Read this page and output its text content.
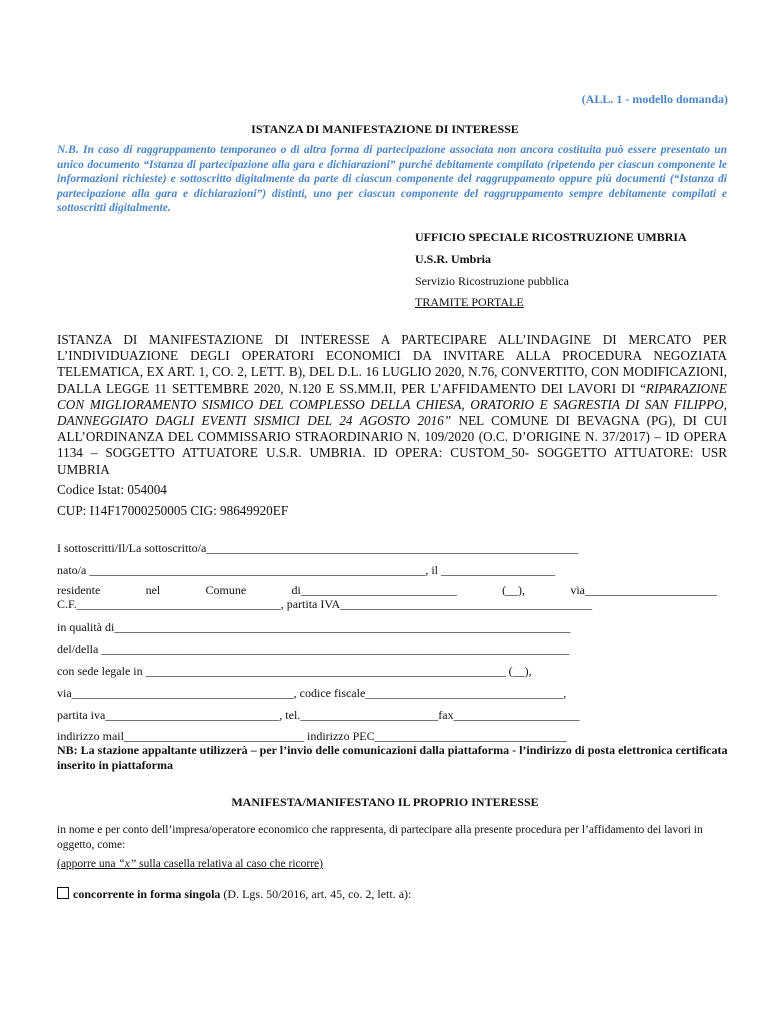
(ALL. 1 - modello domanda)
ISTANZA DI MANIFESTAZIONE DI INTERESSE
N.B. In caso di raggruppamento temporaneo o di altra forma di partecipazione associata non ancora costituita può essere presentato un unico documento “Istanza di partecipazione alla gara e dichiarazioni” purché debitamente compilato (ripetendo per ciascun componente le informazioni richieste) e sottoscritto digitalmente da parte di ciascun componente del raggruppamento oppure più documenti (“Istanza di partecipazione alla gara e dichiarazioni”) distinti, uno per ciascun componente del raggruppamento sempre debitamente compilati e sottoscritti digitalmente.
UFFICIO SPECIALE RICOSTRUZIONE UMBRIA
U.S.R. Umbria
Servizio Ricostruzione pubblica
TRAMITE PORTALE
ISTANZA DI MANIFESTAZIONE DI INTERESSE A PARTECIPARE ALL’INDAGINE DI MERCATO PER L’INDIVIDUAZIONE DEGLI OPERATORI ECONOMICI DA INVITARE ALLA PROCEDURA NEGOZIATA TELEMATICA, EX ART. 1, CO. 2, LETT. B), DEL D.L. 16 LUGLIO 2020, N.76, CONVERTITO, CON MODIFICAZIONI, DALLA LEGGE 11 SETTEMBRE 2020, N.120 E SS.MM.II, PER L’AFFIDAMENTO DEI LAVORI DI “RIPARAZIONE CON MIGLIORAMENTO SISMICO DEL COMPLESSO DELLA CHIESA, ORATORIO E SAGRESTIA DI SAN FILIPPO, DANNEGGIATO DAGLI EVENTI SISMICI DEL 24 AGOSTO 2016” NEL COMUNE DI BEVAGNA (PG), DI CUI ALL’ORDINANZA DEL COMMISSARIO STRAORDINARIO N. 109/2020 (O.C. D’ORIGINE N. 37/2017) – ID OPERA 1134 – SOGGETTO ATTUATORE U.S.R. UMBRIA. ID OPERA: CUSTOM_50- SOGGETTO ATTUATORE: USR UMBRIA
Codice Istat: 054004
CUP: I14F17000250005 CIG: 98649920EF
I sottoscritti/Il/La sottoscritto/a______________________________________________________________
nato/a ________________________________________________________, il ___________________
residente	nel	Comune	di__________________________	(__),	via______________________
C.F.__________________________________, partita IVA__________________________________________
in qualità di____________________________________________________________________________
del/della ______________________________________________________________________________
con sede legale in ____________________________________________________________ (__),
via_____________________________________, codice fiscale_________________________________,
partita iva_____________________________, tel._______________________fax_____________________
indirizzo mail______________________________ indirizzo PEC________________________________
NB: La stazione appaltante utilizzerà – per l’invio delle comunicazioni dalla piattaforma - l’indirizzo di posta elettronica certificata inserito in piattaforma
MANIFESTA/MANIFESTANO IL PROPRIO INTERESSE
in nome e per conto dell’impresa/operatore economico che rappresenta, di partecipare alla presente procedura per l’affidamento dei lavori in oggetto, come:
(apporre una “x” sulla casella relativa al caso che ricorre)
concorrente in forma singola (D. Lgs. 50/2016, art. 45, co. 2, lett. a):
